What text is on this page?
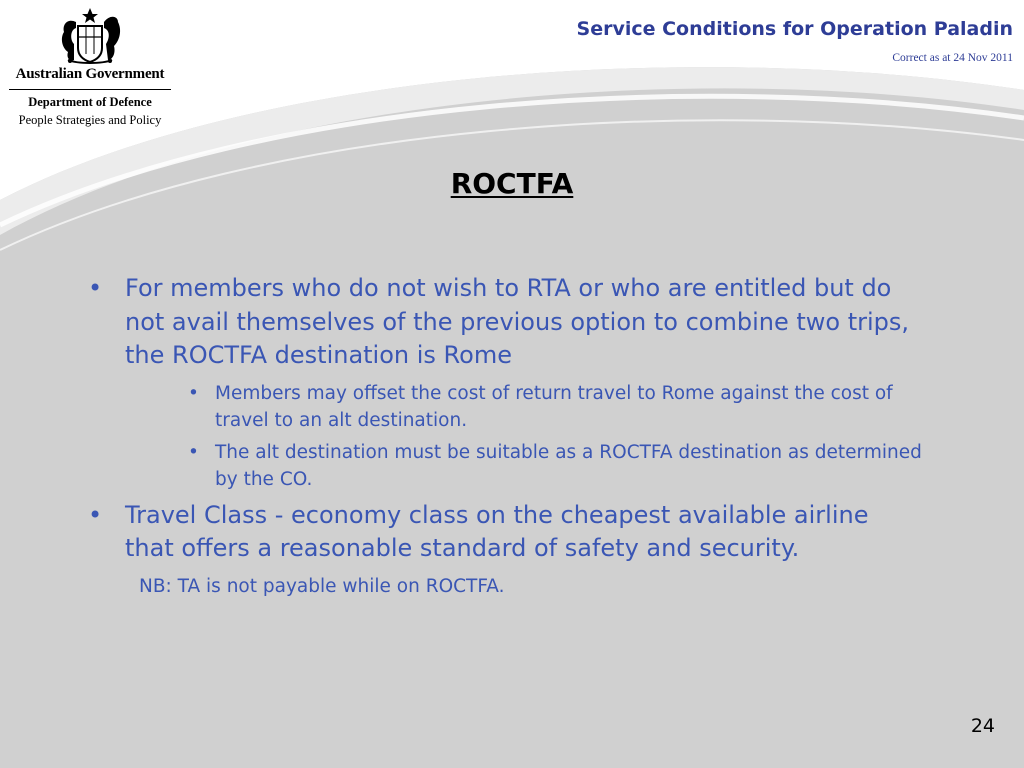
Australian Government
Department of Defence
People Strategies and Policy
Service Conditions for Operation Paladin
Correct as at 24 Nov 2011
ROCTFA
• For members who do not wish to RTA or who are entitled but do not avail themselves of the previous option to combine two trips, the ROCTFA destination is Rome
• Members may offset the cost of return travel to Rome against the cost of travel to an alt destination.
• The alt destination must be suitable as a ROCTFA destination as determined by the CO.
• Travel Class - economy class on the cheapest available airline that offers a reasonable standard of safety and security.
NB: TA is not payable while on ROCTFA.
24
